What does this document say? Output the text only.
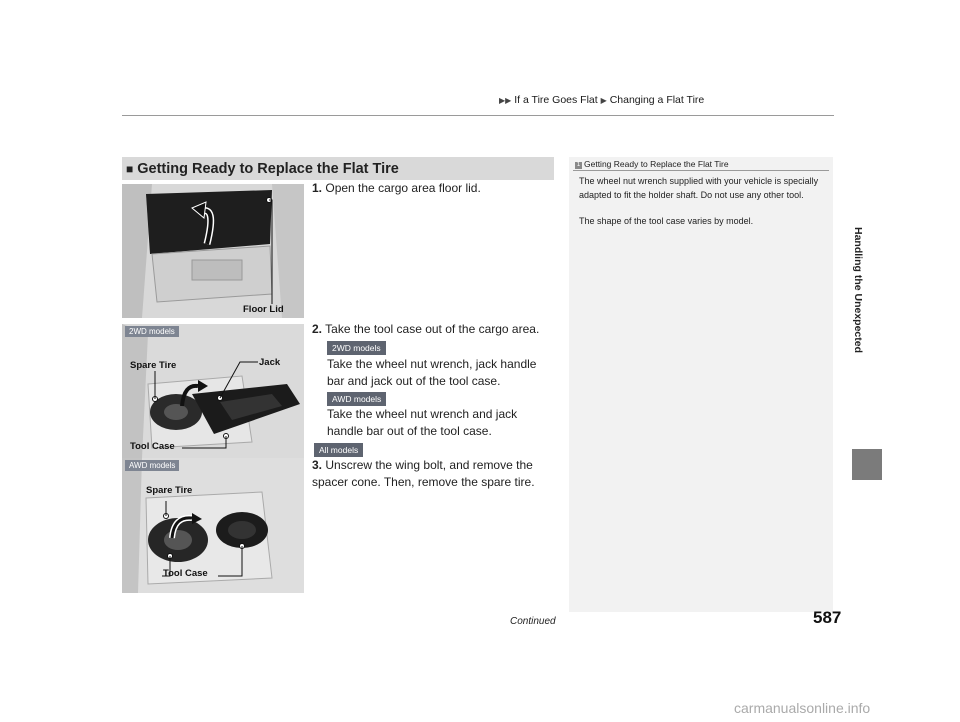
▶▶ If a Tire Goes Flat ▶ Changing a Flat Tire
Handling the Unexpected
■ Getting Ready to Replace the Flat Tire
Floor Lid
2WD models
Spare Tire	Jack
Tool Case
AWD models
Spare Tire
Tool Case
1. Open the cargo area floor lid.
2. Take the tool case out of the cargo area.
2WD models
Take the wheel nut wrench, jack handle bar and jack out of the tool case.
AWD models
Take the wheel nut wrench and jack handle bar out of the tool case.
All models
3. Unscrew the wing bolt, and remove the spacer cone. Then, remove the spare tire.
1 Getting Ready to Replace the Flat Tire

The wheel nut wrench supplied with your vehicle is specially adapted to fit the holder shaft. Do not use any other tool.

The shape of the tool case varies by model.

Continued	587
carmanualsonline.info
